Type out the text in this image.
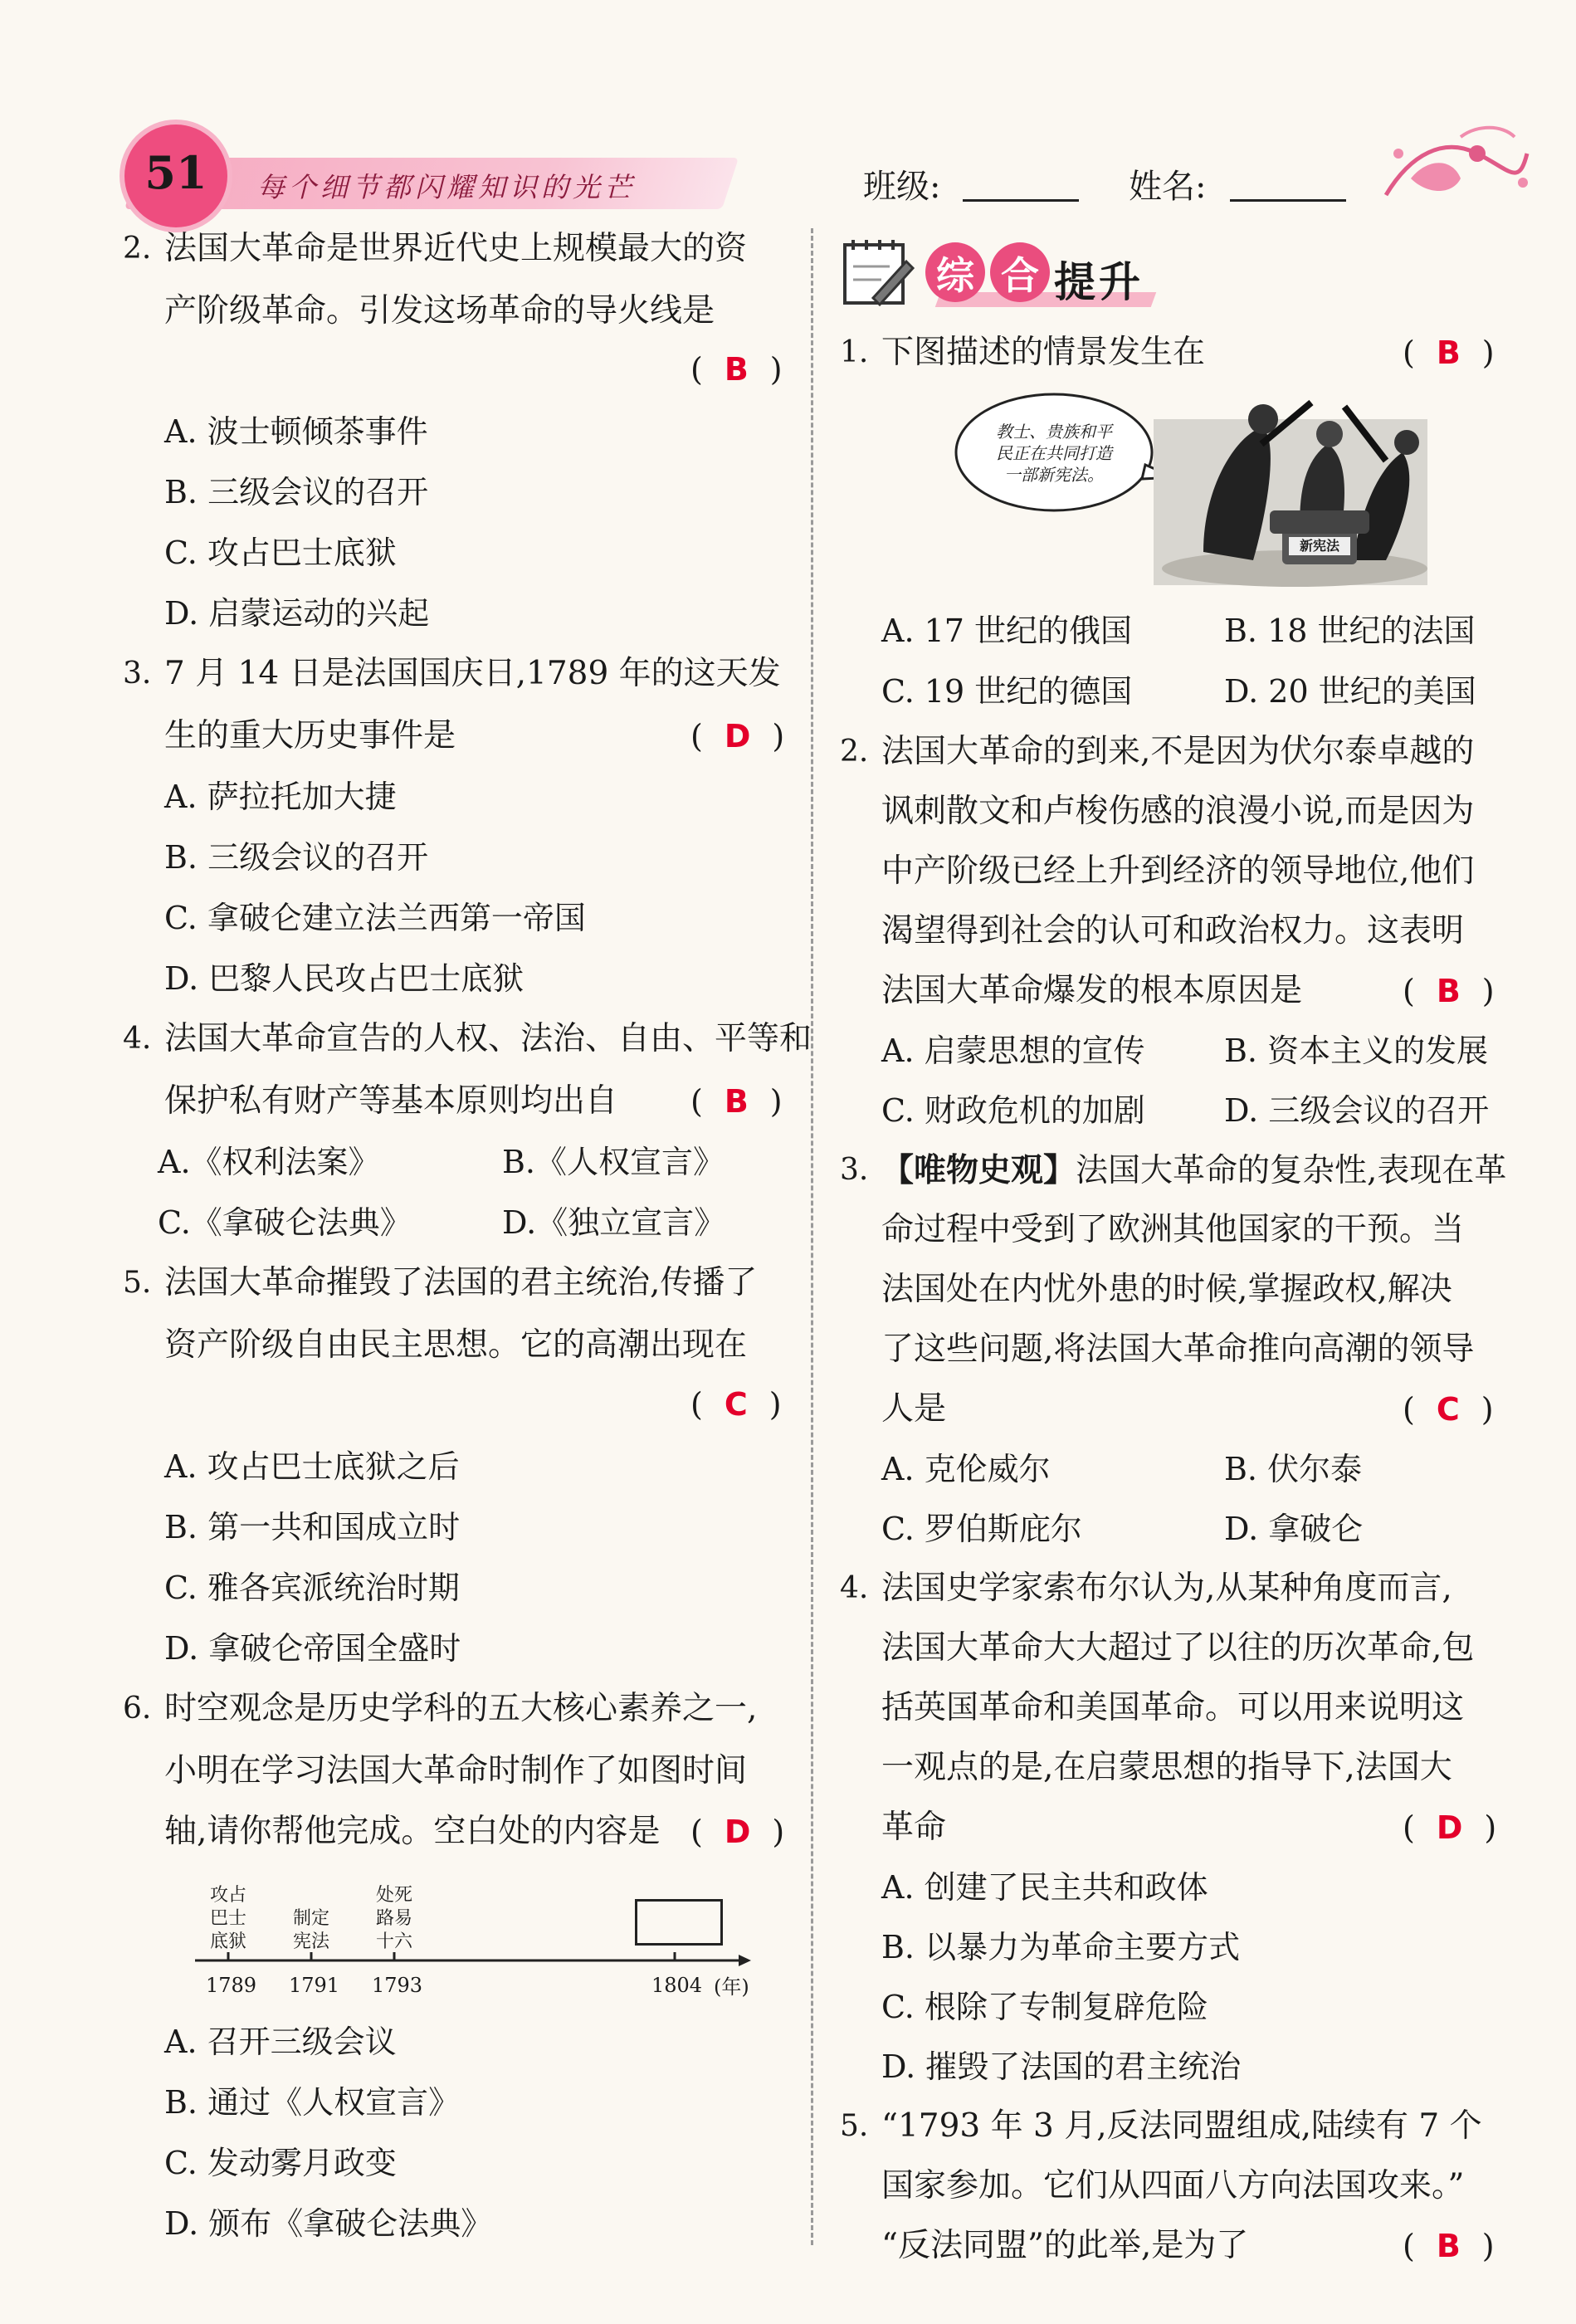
51	每个细节都闪耀知识的光芒	班级:	姓名:
2. 法国大革命是世界近代史上规模最大的资
产阶级革命。引发这场革命的导火线是
( B )
A. 波士顿倾茶事件
B. 三级会议的召开
C. 攻占巴士底狱
D. 启蒙运动的兴起
3. 7 月 14 日是法国国庆日,1789 年的这天发
生的重大历史事件是	( D )
A. 萨拉托加大捷
B. 三级会议的召开
C. 拿破仑建立法兰西第一帝国
D. 巴黎人民攻占巴士底狱
4. 法国大革命宣告的人权、法治、自由、平等和
保护私有财产等基本原则均出自 ( B )
A.《权利法案》	B.《人权宣言》
C.《拿破仑法典》	D.《独立宣言》
5. 法国大革命摧毁了法国的君主统治,传播了
资产阶级自由民主思想。它的高潮出现在
( C )
A. 攻占巴士底狱之后
B. 第一共和国成立时
C. 雅各宾派统治时期
D. 拿破仑帝国全盛时
6. 时空观念是历史学科的五大核心素养之一,
小明在学习法国大革命时制作了如图时间
轴,请你帮他完成。空白处的内容是 ( D )
攻占
巴士
底狱
制定
宪法
处死
路易
十六
1789 1791 1793	1804 (年)
A. 召开三级会议
B. 通过《人权宣言》
C. 发动雾月政变
D. 颁布《拿破仑法典》
综 合 提升
1. 下图描述的情景发生在	( B )
教士、贵族和平
民正在共同打造
一部新宪法。
新宪法
A. 17 世纪的俄国	B. 18 世纪的法国
C. 19 世纪的德国	D. 20 世纪的美国
2. 法国大革命的到来,不是因为伏尔泰卓越的
讽刺散文和卢梭伤感的浪漫小说,而是因为
中产阶级已经上升到经济的领导地位,他们
渴望得到社会的认可和政治权力。这表明
法国大革命爆发的根本原因是	( B )
A. 启蒙思想的宣传	B. 资本主义的发展
C. 财政危机的加剧	D. 三级会议的召开
3. 【唯物史观】法国大革命的复杂性,表现在革
命过程中受到了欧洲其他国家的干预。当
法国处在内忧外患的时候,掌握政权,解决
了这些问题,将法国大革命推向高潮的领导
人是	( C )
A. 克伦威尔	B. 伏尔泰
C. 罗伯斯庇尔	D. 拿破仑
4. 法国史学家索布尔认为,从某种角度而言,
法国大革命大大超过了以往的历次革命,包
括英国革命和美国革命。可以用来说明这
一观点的是,在启蒙思想的指导下,法国大
革命	( D )
A. 创建了民主共和政体
B. 以暴力为革命主要方式
C. 根除了专制复辟危险
D. 摧毁了法国的君主统治
5. “1793 年 3 月,反法同盟组成,陆续有 7 个
国家参加。它们从四面八方向法国攻来。”
“反法同盟”的此举,是为了	( B )
